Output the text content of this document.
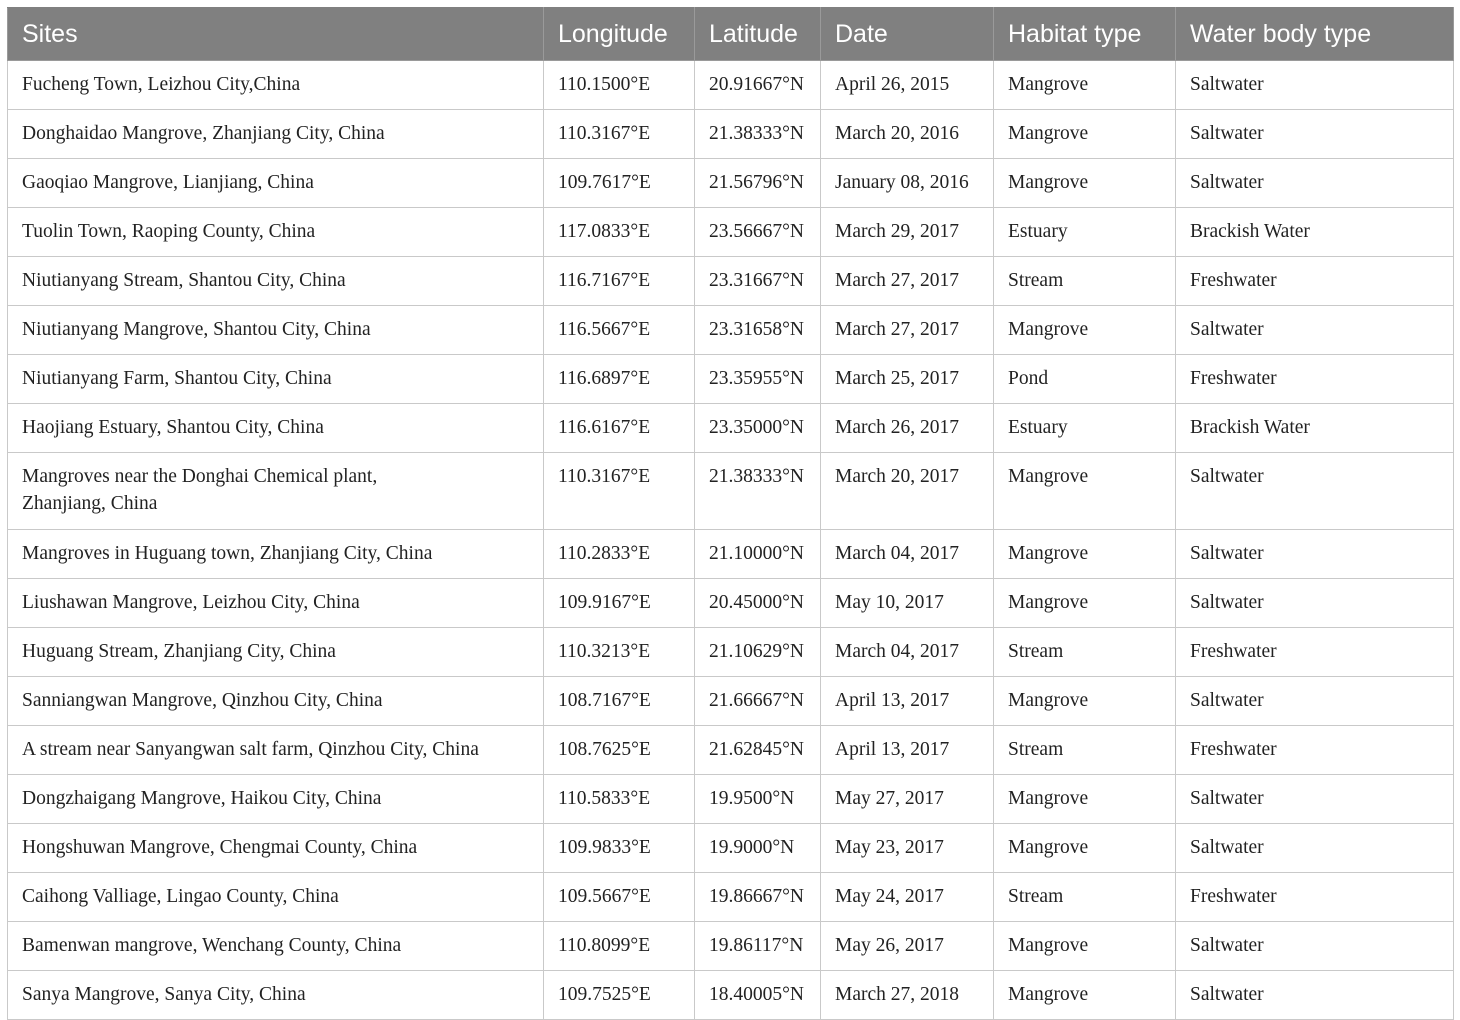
Sites	Longitude	Latitude	Date	Habitat type	Water body type
Fucheng Town, Leizhou City,China	110.1500°E	20.91667°N	April 26, 2015	Mangrove	Saltwater
Donghaidao Mangrove, Zhanjiang City, China	110.3167°E	21.38333°N	March 20, 2016	Mangrove	Saltwater
Gaoqiao Mangrove, Lianjiang, China	109.7617°E	21.56796°N	January 08, 2016	Mangrove	Saltwater
Tuolin Town, Raoping County, China	117.0833°E	23.56667°N	March 29, 2017	Estuary	Brackish Water
Niutianyang Stream, Shantou City, China	116.7167°E	23.31667°N	March 27, 2017	Stream	Freshwater
Niutianyang Mangrove, Shantou City, China	116.5667°E	23.31658°N	March 27, 2017	Mangrove	Saltwater
Niutianyang Farm, Shantou City, China	116.6897°E	23.35955°N	March 25, 2017	Pond	Freshwater
Haojiang Estuary, Shantou City, China	116.6167°E	23.35000°N	March 26, 2017	Estuary	Brackish Water
Mangroves near the Donghai Chemical plant,
Zhanjiang, China	110.3167°E	21.38333°N	March 20, 2017	Mangrove	Saltwater
Mangroves in Huguang town, Zhanjiang City, China	110.2833°E	21.10000°N	March 04, 2017	Mangrove	Saltwater
Liushawan Mangrove, Leizhou City, China	109.9167°E	20.45000°N	May 10, 2017	Mangrove	Saltwater
Huguang Stream, Zhanjiang City, China	110.3213°E	21.10629°N	March 04, 2017	Stream	Freshwater
Sanniangwan Mangrove, Qinzhou City, China	108.7167°E	21.66667°N	April 13, 2017	Mangrove	Saltwater
A stream near Sanyangwan salt farm, Qinzhou City, China	108.7625°E	21.62845°N	April 13, 2017	Stream	Freshwater
Dongzhaigang Mangrove, Haikou City, China	110.5833°E	19.9500°N	May 27, 2017	Mangrove	Saltwater
Hongshuwan Mangrove, Chengmai County, China	109.9833°E	19.9000°N	May 23, 2017	Mangrove	Saltwater
Caihong Valliage, Lingao County, China	109.5667°E	19.86667°N	May 24, 2017	Stream	Freshwater
Bamenwan mangrove, Wenchang County, China	110.8099°E	19.86117°N	May 26, 2017	Mangrove	Saltwater
Sanya Mangrove, Sanya City, China	109.7525°E	18.40005°N	March 27, 2018	Mangrove	Saltwater
